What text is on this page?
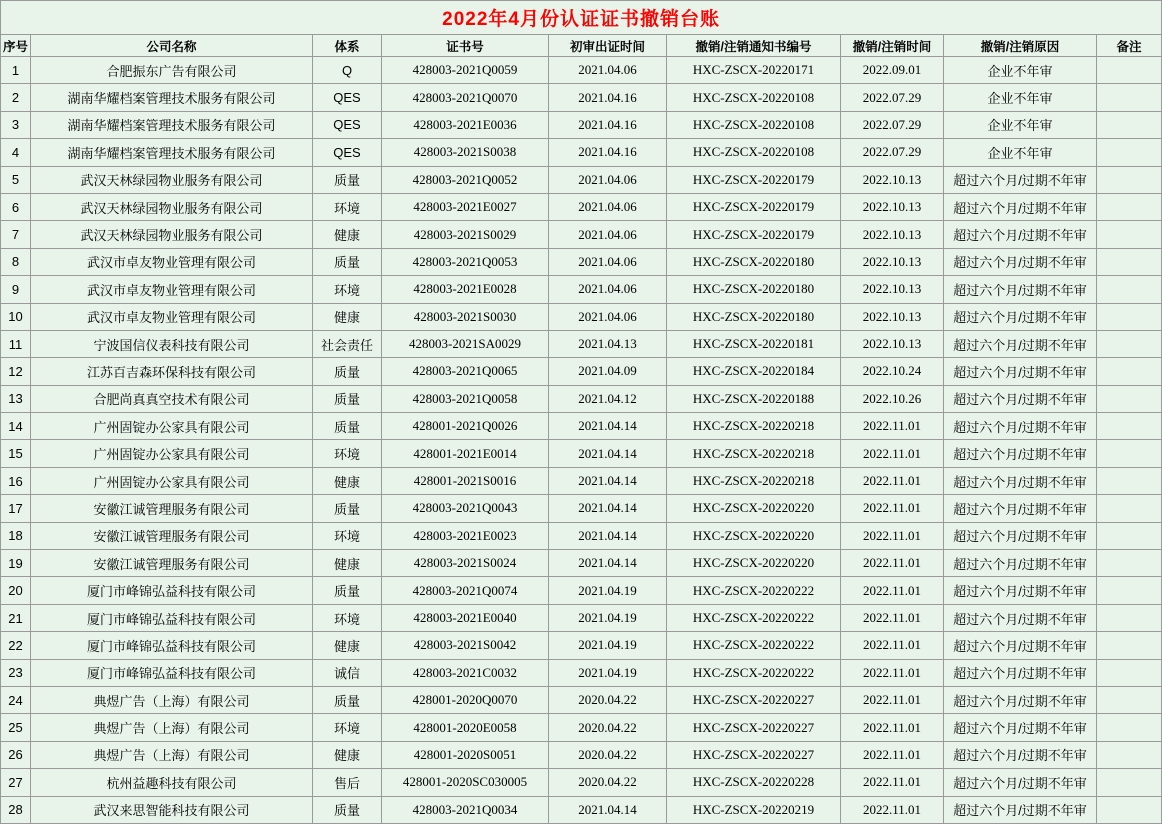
2022年4月份认证证书撤销台账								
序号	公司名称	体系	证书号	初审出证时间	撤销/注销通知书编号	撤销/注销时间	撤销/注销原因	备注
1	合肥振东广告有限公司	Q	428003-2021Q0059	2021.04.06	HXC-ZSCX-20220171	2022.09.01	企业不年审	
2	湖南华耀档案管理技术服务有限公司	QES	428003-2021Q0070	2021.04.16	HXC-ZSCX-20220108	2022.07.29	企业不年审	
3	湖南华耀档案管理技术服务有限公司	QES	428003-2021E0036	2021.04.16	HXC-ZSCX-20220108	2022.07.29	企业不年审	
4	湖南华耀档案管理技术服务有限公司	QES	428003-2021S0038	2021.04.16	HXC-ZSCX-20220108	2022.07.29	企业不年审	
5	武汉天林绿园物业服务有限公司	质量	428003-2021Q0052	2021.04.06	HXC-ZSCX-20220179	2022.10.13	超过六个月/过期不年审	
6	武汉天林绿园物业服务有限公司	环境	428003-2021E0027	2021.04.06	HXC-ZSCX-20220179	2022.10.13	超过六个月/过期不年审	
7	武汉天林绿园物业服务有限公司	健康	428003-2021S0029	2021.04.06	HXC-ZSCX-20220179	2022.10.13	超过六个月/过期不年审	
8	武汉市卓友物业管理有限公司	质量	428003-2021Q0053	2021.04.06	HXC-ZSCX-20220180	2022.10.13	超过六个月/过期不年审	
9	武汉市卓友物业管理有限公司	环境	428003-2021E0028	2021.04.06	HXC-ZSCX-20220180	2022.10.13	超过六个月/过期不年审	
10	武汉市卓友物业管理有限公司	健康	428003-2021S0030	2021.04.06	HXC-ZSCX-20220180	2022.10.13	超过六个月/过期不年审	
11	宁波国信仪表科技有限公司	社会责任	428003-2021SA0029	2021.04.13	HXC-ZSCX-20220181	2022.10.13	超过六个月/过期不年审	
12	江苏百吉森环保科技有限公司	质量	428003-2021Q0065	2021.04.09	HXC-ZSCX-20220184	2022.10.24	超过六个月/过期不年审	
13	合肥尚真真空技术有限公司	质量	428003-2021Q0058	2021.04.12	HXC-ZSCX-20220188	2022.10.26	超过六个月/过期不年审	
14	广州固锭办公家具有限公司	质量	428001-2021Q0026	2021.04.14	HXC-ZSCX-20220218	2022.11.01	超过六个月/过期不年审	
15	广州固锭办公家具有限公司	环境	428001-2021E0014	2021.04.14	HXC-ZSCX-20220218	2022.11.01	超过六个月/过期不年审	
16	广州固锭办公家具有限公司	健康	428001-2021S0016	2021.04.14	HXC-ZSCX-20220218	2022.11.01	超过六个月/过期不年审	
17	安徽江诚管理服务有限公司	质量	428003-2021Q0043	2021.04.14	HXC-ZSCX-20220220	2022.11.01	超过六个月/过期不年审	
18	安徽江诚管理服务有限公司	环境	428003-2021E0023	2021.04.14	HXC-ZSCX-20220220	2022.11.01	超过六个月/过期不年审	
19	安徽江诚管理服务有限公司	健康	428003-2021S0024	2021.04.14	HXC-ZSCX-20220220	2022.11.01	超过六个月/过期不年审	
20	厦门市峰锦弘益科技有限公司	质量	428003-2021Q0074	2021.04.19	HXC-ZSCX-20220222	2022.11.01	超过六个月/过期不年审	
21	厦门市峰锦弘益科技有限公司	环境	428003-2021E0040	2021.04.19	HXC-ZSCX-20220222	2022.11.01	超过六个月/过期不年审	
22	厦门市峰锦弘益科技有限公司	健康	428003-2021S0042	2021.04.19	HXC-ZSCX-20220222	2022.11.01	超过六个月/过期不年审	
23	厦门市峰锦弘益科技有限公司	诚信	428003-2021C0032	2021.04.19	HXC-ZSCX-20220222	2022.11.01	超过六个月/过期不年审	
24	典煜广告（上海）有限公司	质量	428001-2020Q0070	2020.04.22	HXC-ZSCX-20220227	2022.11.01	超过六个月/过期不年审	
25	典煜广告（上海）有限公司	环境	428001-2020E0058	2020.04.22	HXC-ZSCX-20220227	2022.11.01	超过六个月/过期不年审	
26	典煜广告（上海）有限公司	健康	428001-2020S0051	2020.04.22	HXC-ZSCX-20220227	2022.11.01	超过六个月/过期不年审	
27	杭州益趣科技有限公司	售后	428001-2020SC030005	2020.04.22	HXC-ZSCX-20220228	2022.11.01	超过六个月/过期不年审	
28	武汉来思智能科技有限公司	质量	428003-2021Q0034	2021.04.14	HXC-ZSCX-20220219	2022.11.01	超过六个月/过期不年审	
